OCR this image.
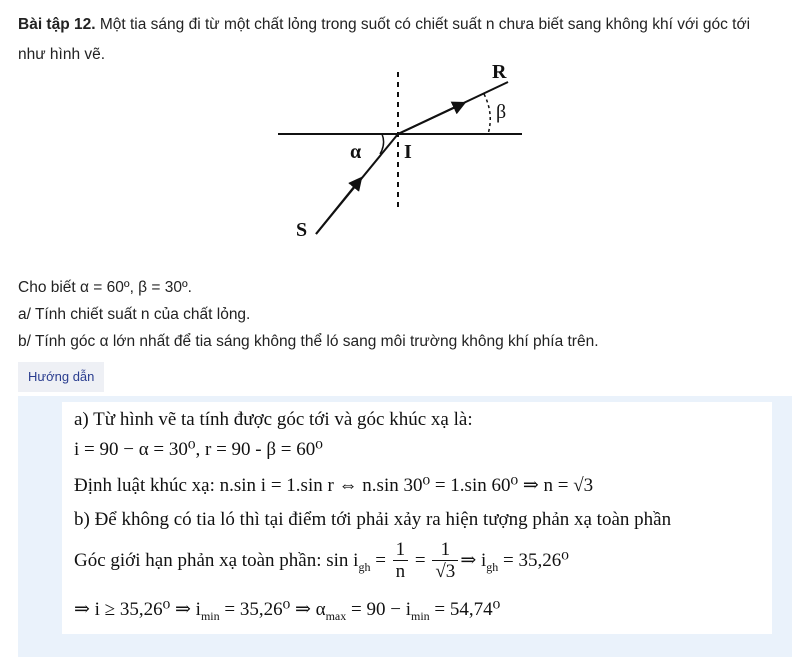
Bài tập 12. Một tia sáng đi từ một chất lỏng trong suốt có chiết suất n chưa biết sang không khí với góc tới như hình vẽ.

R
β
α I
S

Cho biết α = 60º, β = 30º.

a/ Tính chiết suất n của chất lỏng.

b/ Tính góc α lớn nhất để tia sáng không thể ló sang môi trường không khí phía trên.

Hướng dẫn
a) Từ hình vẽ ta tính được góc tới và góc khúc xạ là:
i = 90 − α = 30⁰, r = 90 - β = 60⁰
Định luật khúc xạ: n.sin i = 1.sin r ⇔ n.sin 30⁰ = 1.sin 60⁰ ⇒ n = √3
b) Để không có tia ló thì tại điểm tới phải xảy ra hiện tượng phản xạ toàn phần
Góc giới hạn phản xạ toàn phần: $\sin i_{gh} = \frac{1}{n} = \frac{1}{√3}$ ⇒ $i_{gh} = 35,26^0$
⇒ i ≥ 35,26⁰ ⇒ $i_{min} = 35,26^0$ ⇒ $\alpha_{max} = 90 - i_{min} = 54,74^0$
